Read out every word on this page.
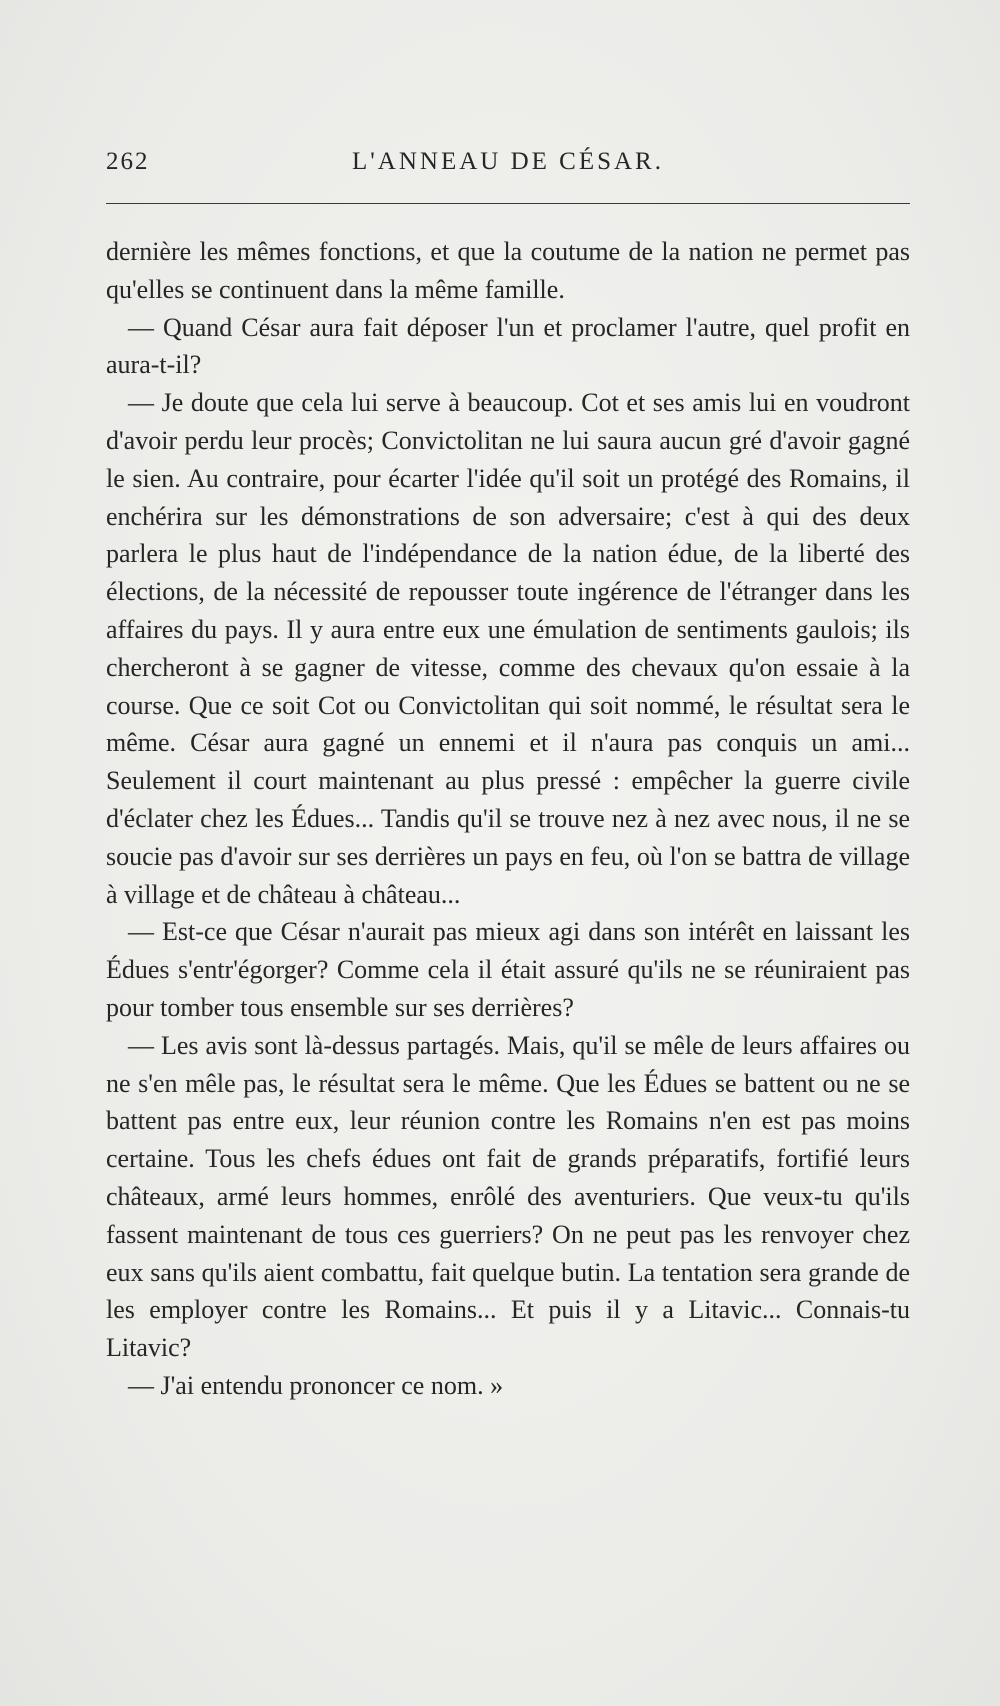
262	L'ANNEAU DE CÉSAR.

dernière les mêmes fonctions, et que la coutume de la nation ne permet pas qu'elles se continuent dans la même famille.

— Quand César aura fait déposer l'un et proclamer l'autre, quel profit en aura-t-il?

— Je doute que cela lui serve à beaucoup. Cot et ses amis lui en voudront d'avoir perdu leur procès; Convictolitan ne lui saura aucun gré d'avoir gagné le sien. Au contraire, pour écarter l'idée qu'il soit un protégé des Romains, il enchérira sur les démonstrations de son adversaire; c'est à qui des deux parlera le plus haut de l'indépendance de la nation édue, de la liberté des élections, de la nécessité de repousser toute ingérence de l'étranger dans les affaires du pays. Il y aura entre eux une émulation de sentiments gaulois; ils chercheront à se gagner de vitesse, comme des chevaux qu'on essaie à la course. Que ce soit Cot ou Convictolitan qui soit nommé, le résultat sera le même. César aura gagné un ennemi et il n'aura pas conquis un ami... Seulement il court maintenant au plus pressé : empêcher la guerre civile d'éclater chez les Édues... Tandis qu'il se trouve nez à nez avec nous, il ne se soucie pas d'avoir sur ses derrières un pays en feu, où l'on se battra de village à village et de château à château...

— Est-ce que César n'aurait pas mieux agi dans son intérêt en laissant les Édues s'entr'égorger? Comme cela il était assuré qu'ils ne se réuniraient pas pour tomber tous ensemble sur ses derrières?

— Les avis sont là-dessus partagés. Mais, qu'il se mêle de leurs affaires ou ne s'en mêle pas, le résultat sera le même. Que les Édues se battent ou ne se battent pas entre eux, leur réunion contre les Romains n'en est pas moins certaine. Tous les chefs édues ont fait de grands préparatifs, fortifié leurs châteaux, armé leurs hommes, enrôlé des aventuriers. Que veux-tu qu'ils fassent maintenant de tous ces guerriers? On ne peut pas les renvoyer chez eux sans qu'ils aient combattu, fait quelque butin. La tentation sera grande de les employer contre les Romains... Et puis il y a Litavic... Connais-tu Litavic?

— J'ai entendu prononcer ce nom. »
